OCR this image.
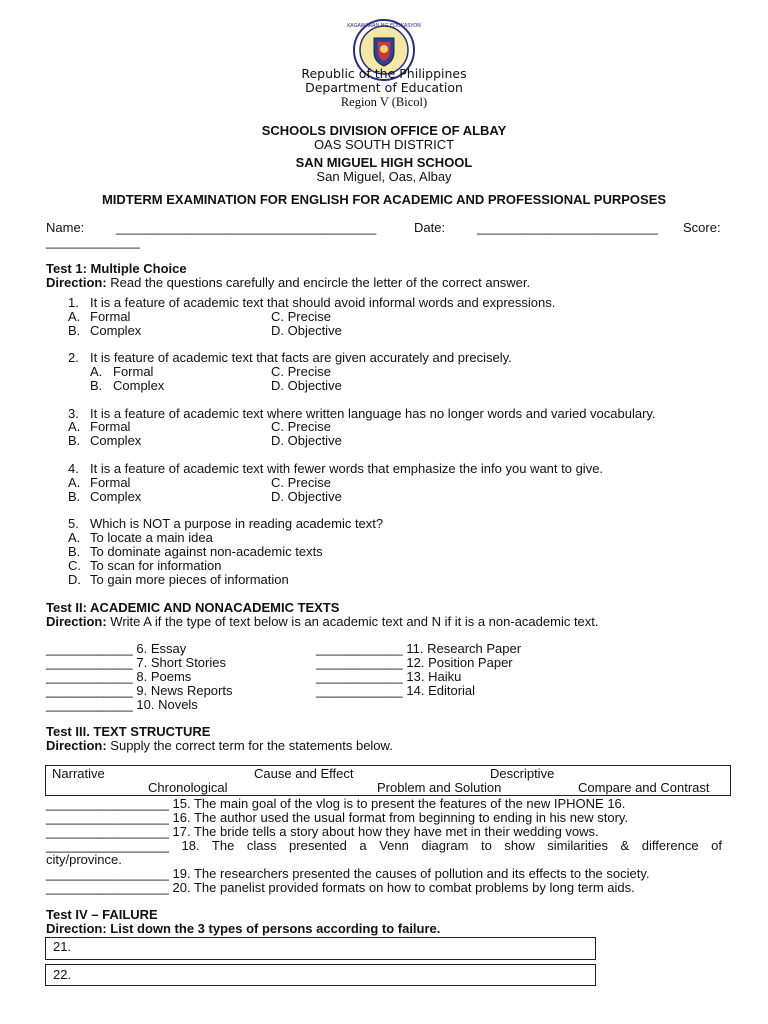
KAGAWARAN NG EDUKASYON
Republic of the Philippines
Department of Education
Region V (Bicol)
SCHOOLS DIVISION OFFICE OF ALBAY
OAS SOUTH DISTRICT
SAN MIGUEL HIGH SCHOOL
San Miguel, Oas, Albay
MIDTERM EXAMINATION FOR ENGLISH FOR ACADEMIC AND PROFESSIONAL PURPOSES
Name: ____________________________________	Date: _________________________ Score:
_____________
Test 1: Multiple Choice
Direction: Read the questions carefully and encircle the letter of the correct answer.
1. It is a feature of academic text that should avoid informal words and expressions.
A. Formal
B. Complex
C. Precise
D. Objective
2. It is feature of academic text that facts are given accurately and precisely.
A. Formal
B. Complex
C. Precise
D. Objective
3. It is a feature of academic text where written language has no longer words and varied vocabulary.
A. Formal
B. Complex
C. Precise
D. Objective
4. It is a feature of academic text with fewer words that emphasize the info you want to give.
A. Formal
B. Complex
C. Precise
D. Objective
5. Which is NOT a purpose in reading academic text?
A. To locate a main idea
B. To dominate against non-academic texts
C. To scan for information
D. To gain more pieces of information
Test II: ACADEMIC AND NONACADEMIC TEXTS
Direction: Write A if the type of text below is an academic text and N if it is a non-academic text.
____________ 6. Essay
____________ 7. Short Stories
____________ 8. Poems
____________ 9. News Reports
____________ 10. Novels
____________ 11. Research Paper
____________ 12. Position Paper
____________ 13. Haiku
____________ 14. Editorial
Test III. TEXT STRUCTURE
Direction: Supply the correct term for the statements below.
Narrative	Cause and Effect	Descriptive
Chronological	Problem and Solution	Compare and Contrast
_________________ 15. The main goal of the vlog is to present the features of the new IPHONE 16.
_________________ 16. The author used the usual format from beginning to ending in his new story.
_________________ 17. The bride tells a story about how they have met in their wedding vows.
_________________ 18. The class presented a Venn diagram to show similarities & difference of
city/province.
_________________ 19. The researchers presented the causes of pollution and its effects to the society.
_________________ 20. The panelist provided formats on how to combat problems by long term aids.
Test IV – FAILURE
Direction: List down the 3 types of persons according to failure.
21.
22.
